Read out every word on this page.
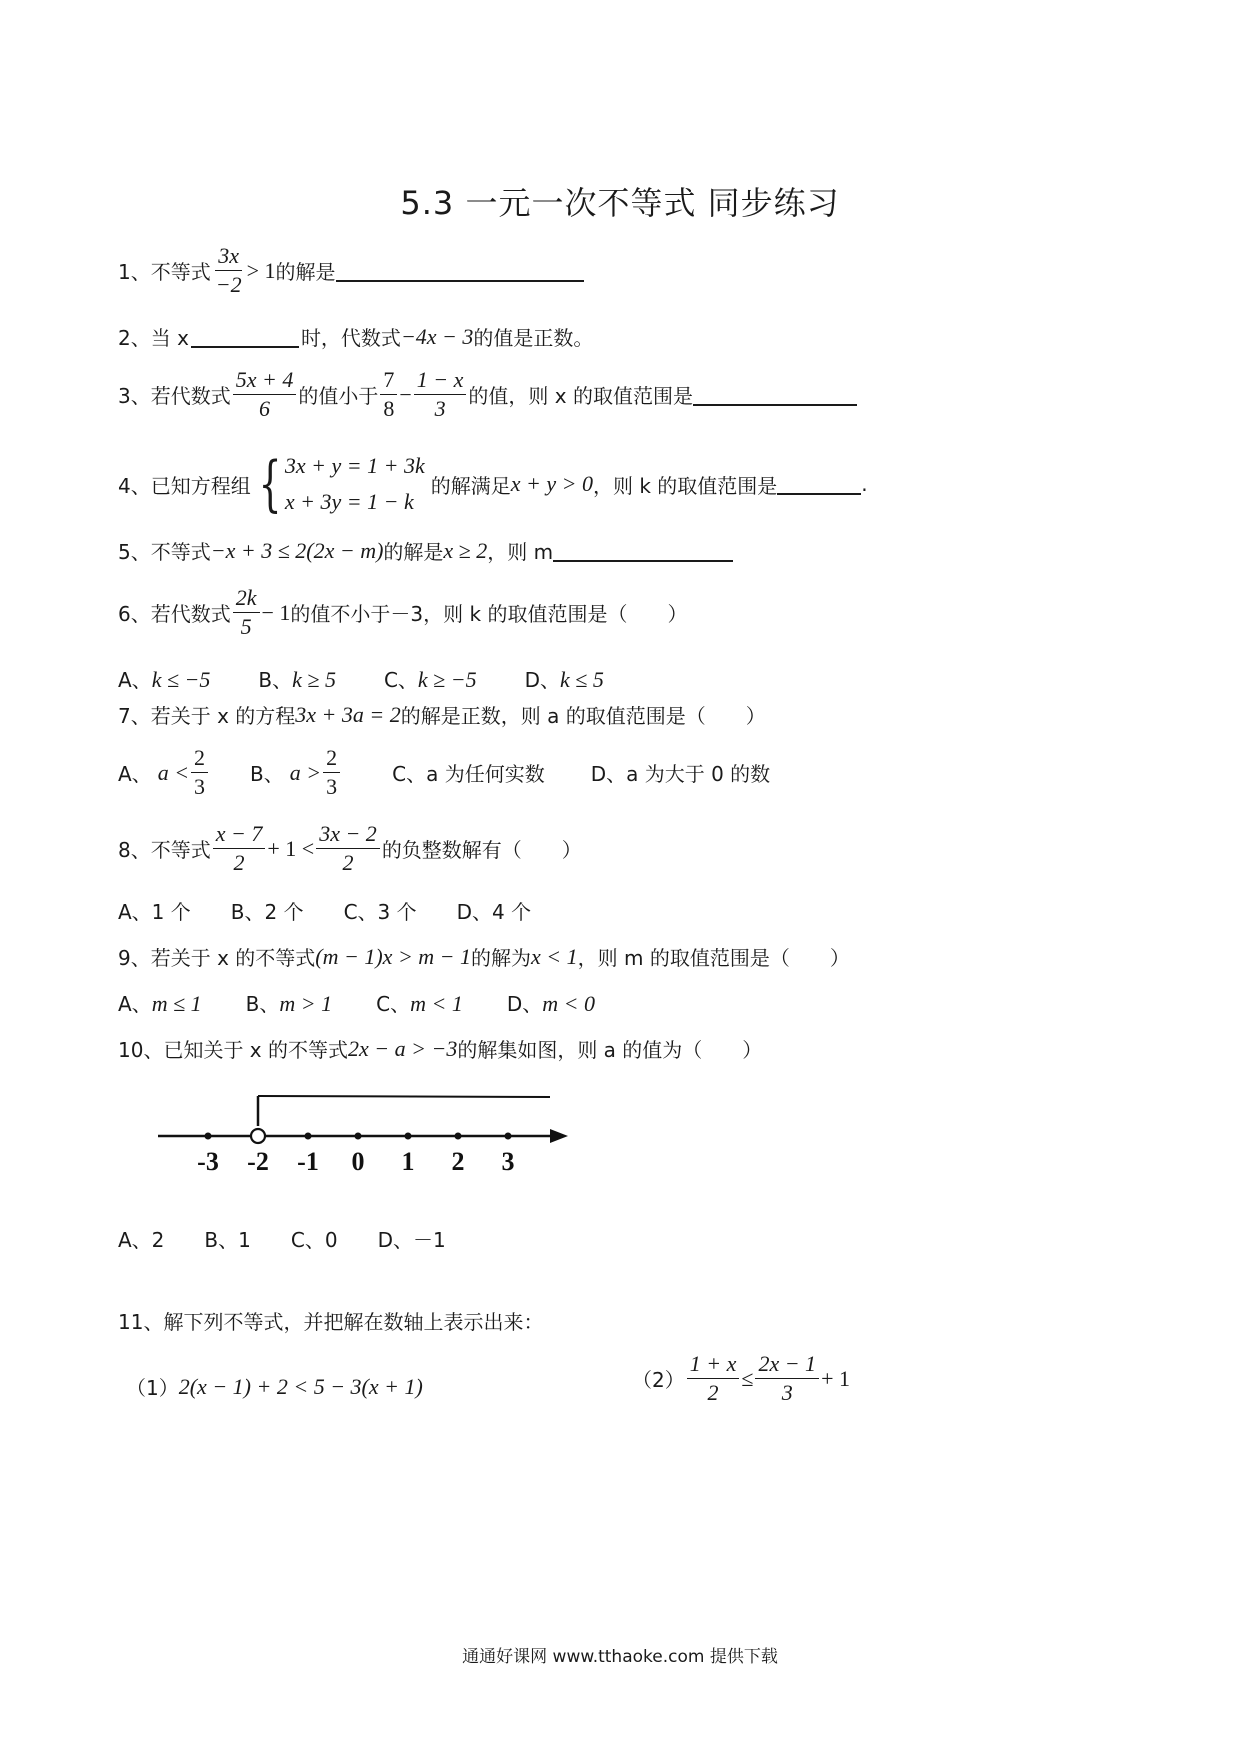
5.3 一元一次不等式 同步练习
1、 不等式 $\frac{3x}{-2} > 1$ 的解是
2、 当 x	时，代数式 −4x − 3 的值是正数。
3、 若代数式 $\frac{5x + 4}{6}$ 的值小于 $\frac{7}{8} - \frac{1 - x}{3}$ 的值，则 x 的取值范围是
4、 已知方程组 { 3x + y = 1 + 3k
x + 3y = 1 − k
的解满足 x + y > 0 ，则 k 的取值范围是	.
5、 不等式 −x + 3 ≤ 2(2x − m) 的解是 x ≥ 2 ，则 m
6、 若代数式 $\frac{2k}{5} - 1$ 的值不小于－3，则 k 的取值范围是（　　）
A、k ≤ −5 B、k ≥ 5 C、k ≥ −5 D、k ≤ 5
7、 若关于 x 的方程 3x + 3a = 2 的解是正数，则 a 的取值范围是（　　）
A、 $a < \frac{2}{3}$ B、 $a > \frac{2}{3}$	C、a 为任何实数 D、a 为大于 0 的数
8、 不等式 $\frac{x - 7}{2} + 1 < \frac{3x - 2}{2}$ 的负整数解有（　　）
A、1 个 B、2 个 C、3 个 D、4 个
9、 若关于 x 的不等式 (m − 1)x > m − 1 的解为 x < 1 ，则 m 的取值范围是（　　）
A、m ≤ 1 B、m > 1 C、m < 1 D、m < 0
10、 已知关于 x 的不等式 2x − a > −3 的解集如图，则 a 的值为（　　）
-3 -2 -1 0 1 2 3
A、2 B、1 C、0 D、－1
11、解下列不等式，并把解在数轴上表示出来：
（1） 2(x − 1) + 2 < 5 − 3(x + 1)	$(2) \frac{1 + x}{2} \le \frac{2x - 1}{3} + 1$
通通好课网 www.tthaoke.com 提供下载
